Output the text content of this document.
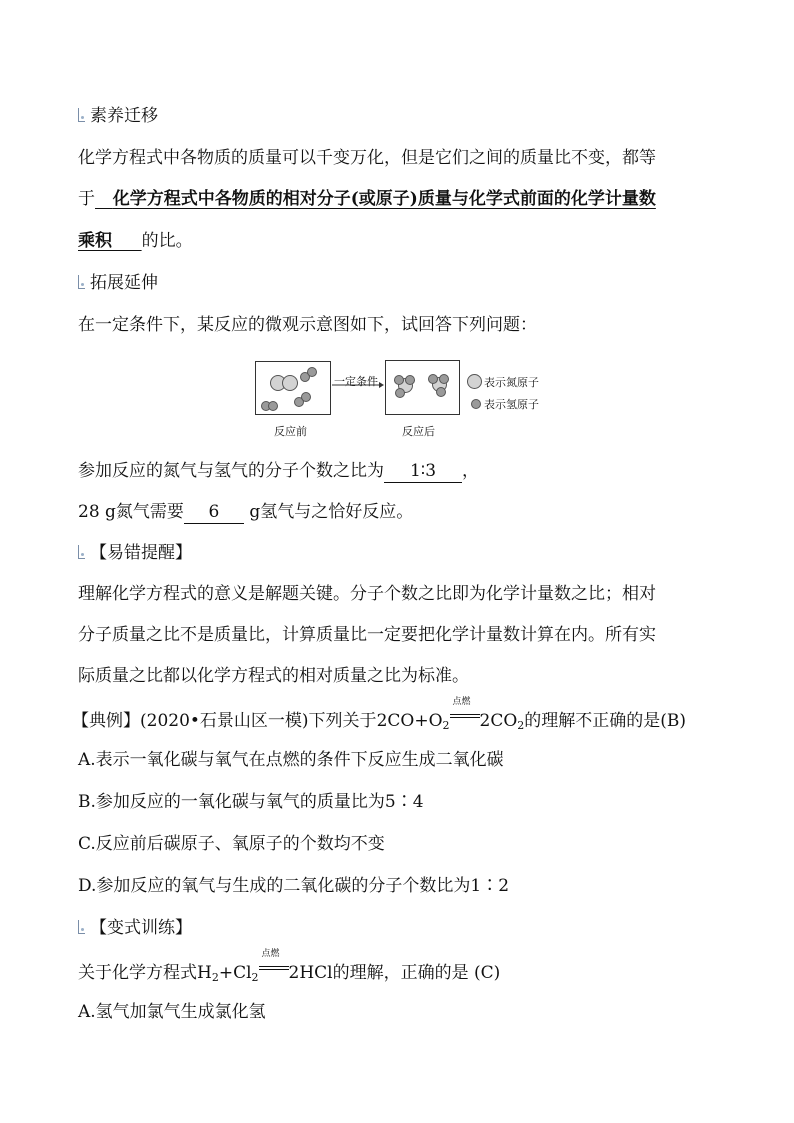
素养迁移
化学方程式中各物质的质量可以千变万化，但是它们之间的质量比不变，都等
于 化学方程式中各物质的相对分子(或原子)质量与化学式前面的化学计量数
乘积 的比。
拓展延伸
在一定条件下，某反应的微观示意图如下，试回答下列问题：
一定条件	表示氮原子
表示氢原子
反应前	反应后
参加反应的氮气与氢气的分子个数之比为 1∶3 ，
28 g氮气需要 6 g氢气与之恰好反应。
【易错提醒】
理解化学方程式的意义是解题关键。分子个数之比即为化学计量数之比；相对
分子质量之比不是质量比，计算质量比一定要把化学计量数计算在内。所有实
际质量之比都以化学方程式的相对质量之比为标准。
【典例】(2020•石景山区一模)下列关于$2CO+O_2$
点燃
$2CO_2$的理解不正确的是(B)
A.表示一氧化碳与氧气在点燃的条件下反应生成二氧化碳
B.参加反应的一氧化碳与氧气的质量比为5∶4
C.反应前后碳原子、氧原子的个数均不变
D.参加反应的氧气与生成的二氧化碳的分子个数比为1∶2
【变式训练】
关于化学方程式$H_2+Cl_2$
点燃
2HCl的理解，正确的是 (C)
A.氢气加氯气生成氯化氢
